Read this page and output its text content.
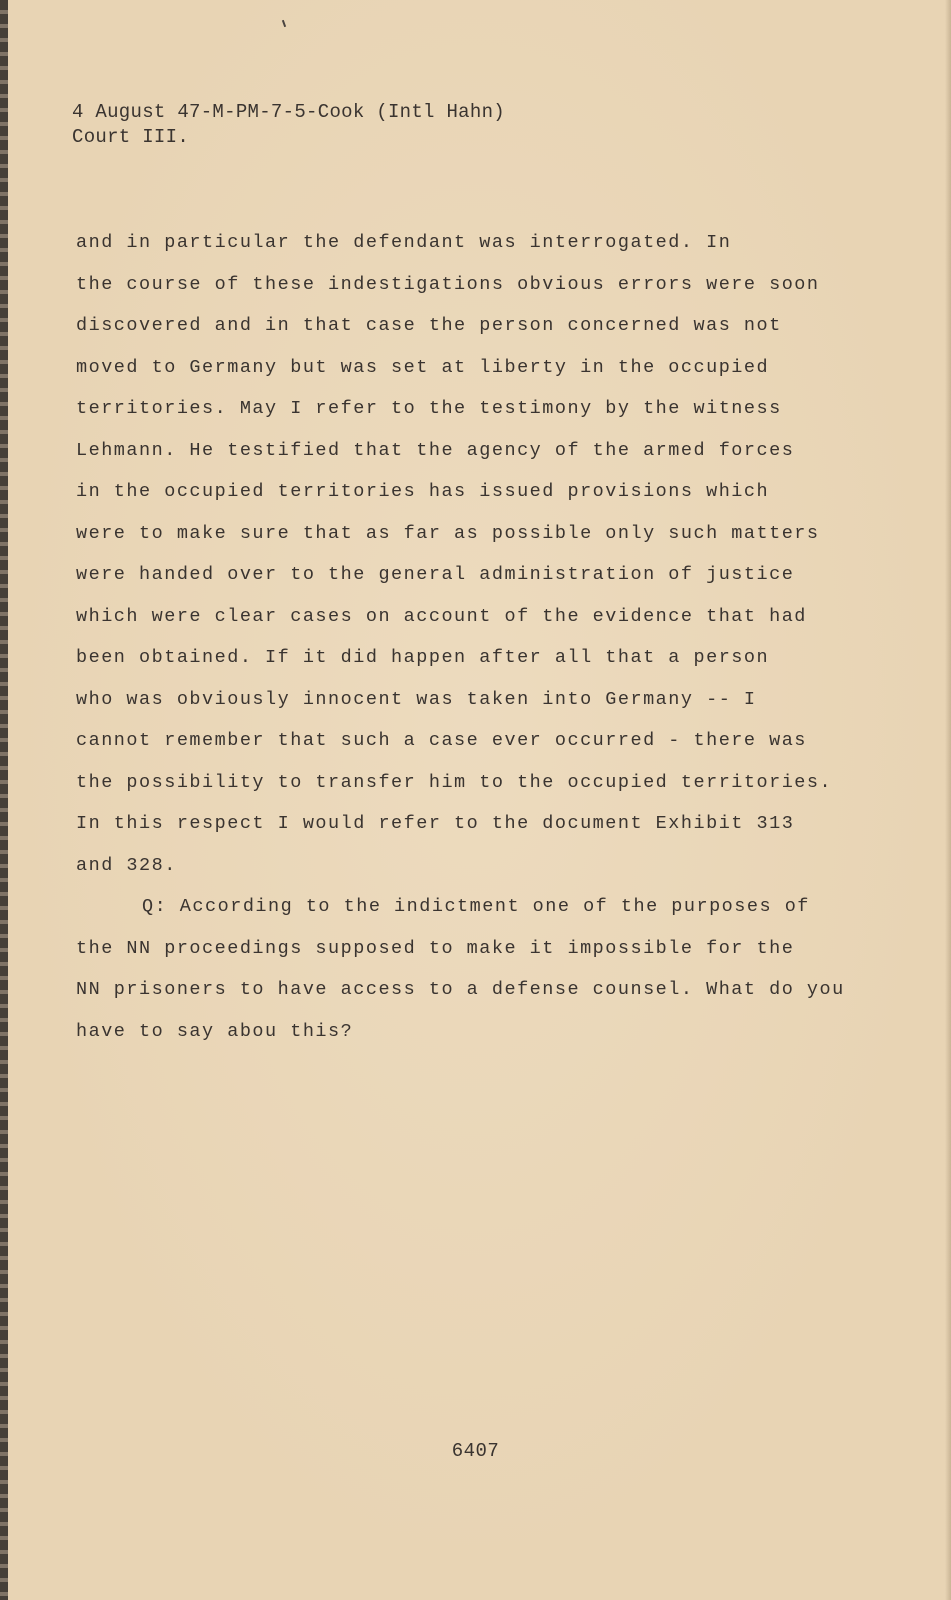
4 August 47-M-PM-7-5-Cook (Intl Hahn)
Court III.
and in particular the defendant was interrogated. In
the course of these indestigations obvious errors were soon
discovered and in that case the person concerned was not
moved to Germany but was set at liberty in the occupied
territories. May I refer to the testimony by the witness
Lehmann. He testified that the agency of the armed forces
in the occupied territories has issued provisions which
were to make sure that as far as possible only such matters
were handed over to the general administration of justice
which were clear cases on account of the evidence that had
been obtained. If it did happen after all that a person
who was obviously innocent was taken into Germany -- I
cannot remember that such a case ever occurred - there was
the possibility to transfer him to the occupied territories.
In this respect I would refer to the document Exhibit 313
and 328.
Q: According to the indictment one of the purposes of
the NN proceedings supposed to make it impossible for the
NN prisoners to have access to a defense counsel. What do you
have to say abou this?
6407
